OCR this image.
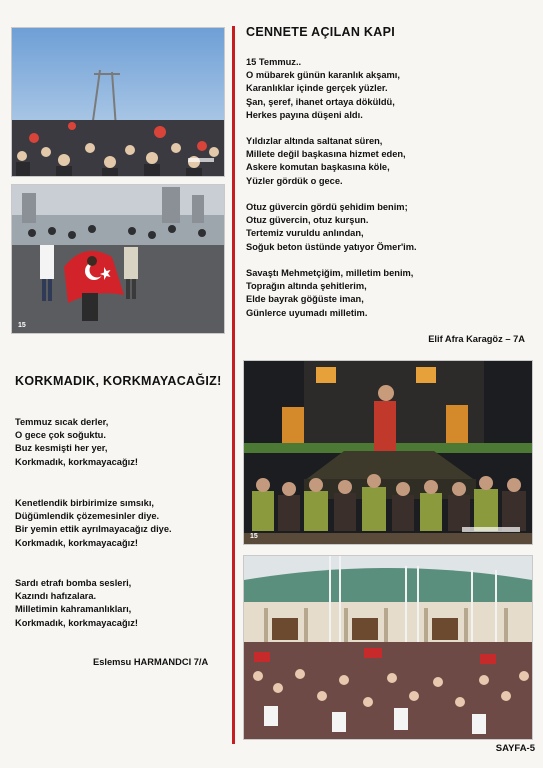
15
CENNETE AÇILAN KAPI
15 Temmuz..
O mübarek günün karanlık akşamı,
Karanlıklar içinde gerçek yüzler.
Şan, şeref, ihanet ortaya döküldü,
Herkes payına düşeni aldı.
Yıldızlar altında saltanat süren,
Millete değil başkasına hizmet eden,
Askere komutan başkasına köle,
Yüzler gördük o gece.
Otuz güvercin gördü şehidim benim;
Otuz güvercin, otuz kurşun.
Tertemiz vuruldu anlından,
Soğuk beton üstünde yatıyor Ömer'im.
Savaştı Mehmetçiğim, milletim benim,
Toprağın altında şehitlerim,
Elde bayrak göğüste iman,
Günlerce uyumadı milletim.
Elif Afra Karagöz – 7A
KORKMADIK, KORKMAYACAĞIZ!
Temmuz sıcak derler,
O gece çok soğuktu.
Buz kesmişti her yer,
Korkmadık, korkmayacağız!
Kenetlendik birbirimize sımsıkı,
Düğümlendik çözemesinler diye.
Bir yemin ettik ayrılmayacağız diye.
Korkmadık, korkmayacağız!
Sardı etrafı bomba sesleri,
Kazındı hafızalara.
Milletimin kahramanlıkları,
Korkmadık, korkmayacağız!
Eslemsu HARMANDCI 7/A
15
SAYFA-5
